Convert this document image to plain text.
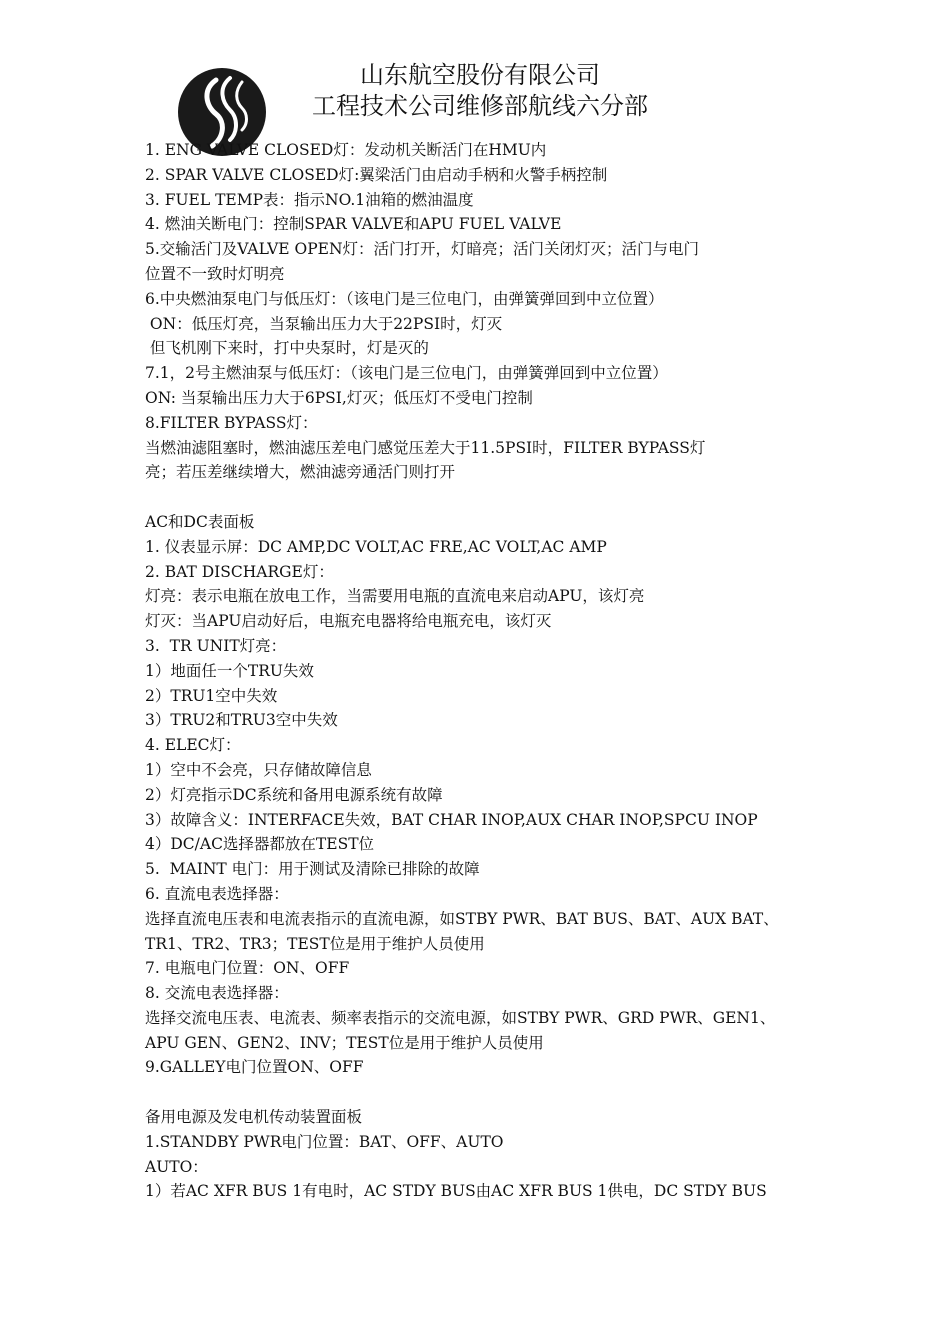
山东航空股份有限公司
工程技术公司维修部航线六分部
1. ENG VALVE CLOSED灯：发动机关断活门在HMU内
2. SPAR VALVE CLOSED灯:翼梁活门由启动手柄和火警手柄控制
3. FUEL TEMP表：指示NO.1油箱的燃油温度
4. 燃油关断电门：控制SPAR VALVE和APU FUEL VALVE
5.交输活门及VALVE OPEN灯：活门打开，灯暗亮；活门关闭灯灭；活门与电门
位置不一致时灯明亮
6.中央燃油泵电门与低压灯：（该电门是三位电门，由弹簧弹回到中立位置）
ON：低压灯亮，当泵输出压力大于22PSI时，灯灭
但飞机刚下来时，打中央泵时，灯是灭的
7.1，2号主燃油泵与低压灯：（该电门是三位电门，由弹簧弹回到中立位置）
ON: 当泵输出压力大于6PSI,灯灭；低压灯不受电门控制
8.FILTER BYPASS灯：
当燃油滤阻塞时，燃油滤压差电门感觉压差大于11.5PSI时，FILTER BYPASS灯
亮；若压差继续增大，燃油滤旁通活门则打开
AC和DC表面板
1. 仪表显示屏：DC AMP,DC VOLT,AC FRE,AC VOLT,AC AMP
2. BAT DISCHARGE灯：
灯亮：表示电瓶在放电工作，当需要用电瓶的直流电来启动APU，该灯亮
灯灭：当APU启动好后，电瓶充电器将给电瓶充电，该灯灭
3.  TR UNIT灯亮：
1）地面任一个TRU失效
2）TRU1空中失效
3）TRU2和TRU3空中失效
4. ELEC灯：
1）空中不会亮，只存储故障信息
2）灯亮指示DC系统和备用电源系统有故障
3）故障含义：INTERFACE失效，BAT CHAR INOP,AUX CHAR INOP,SPCU INOP
4）DC/AC选择器都放在TEST位
5.  MAINT 电门：用于测试及清除已排除的故障
6. 直流电表选择器：
选择直流电压表和电流表指示的直流电源，如STBY PWR、BAT BUS、BAT、AUX BAT、
TR1、TR2、TR3；TEST位是用于维护人员使用
7. 电瓶电门位置：ON、OFF
8. 交流电表选择器：
选择交流电压表、电流表、频率表指示的交流电源，如STBY PWR、GRD PWR、GEN1、
APU GEN、GEN2、INV；TEST位是用于维护人员使用
9.GALLEY电门位置ON、OFF
备用电源及发电机传动装置面板
1.STANDBY PWR电门位置：BAT、OFF、AUTO
AUTO：
1）若AC XFR BUS 1有电时，AC STDY BUS由AC XFR BUS 1供电，DC STDY BUS
